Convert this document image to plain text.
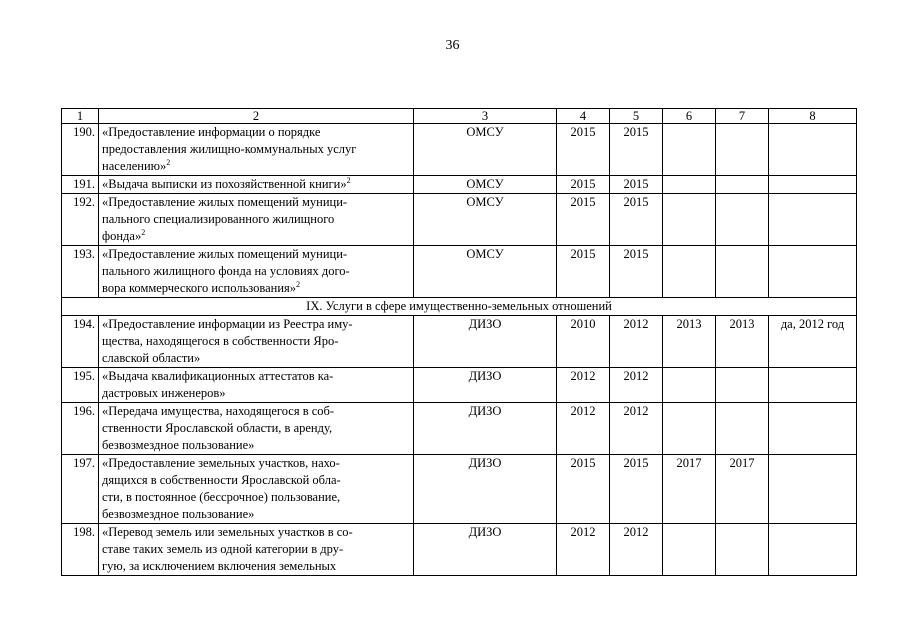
36
1	2	3	4	5	6	7	8
190.	«Предоставление информации о порядке
предоставления жилищно-коммунальных услуг
населению»$^2$	ОМСУ	2015	2015			
191.	«Выдача выписки из похозяйственной книги»$^2$	ОМСУ	2015	2015			
192.	«Предоставление жилых помещений муници-
пального специализированного жилищного
фонда»$^2$	ОМСУ	2015	2015			
193.	«Предоставление жилых помещений муници-
пального жилищного фонда на условиях дого-
вора коммерческого использования»$^2$	ОМСУ	2015	2015			
IX. Услуги в сфере имущественно-земельных отношений							
194.	«Предоставление информации из Реестра иму-
щества, находящегося в собственности Яро-
славской области»	ДИЗО	2010	2012	2013	2013	да, 2012 год
195.	«Выдача квалификационных аттестатов ка-
дастровых инженеров»	ДИЗО	2012	2012			
196.	«Передача имущества, находящегося в соб-
ственности Ярославской области, в аренду,
безвозмездное пользование»	ДИЗО	2012	2012			
197.	«Предоставление земельных участков, нахо-
дящихся в собственности Ярославской обла-
сти, в постоянное (бессрочное) пользование,
безвозмездное пользование»	ДИЗО	2015	2015	2017	2017	
198.	«Перевод земель или земельных участков в со-
ставе таких земель из одной категории в дру-
гую, за исключением включения земельных	ДИЗО	2012	2012			
